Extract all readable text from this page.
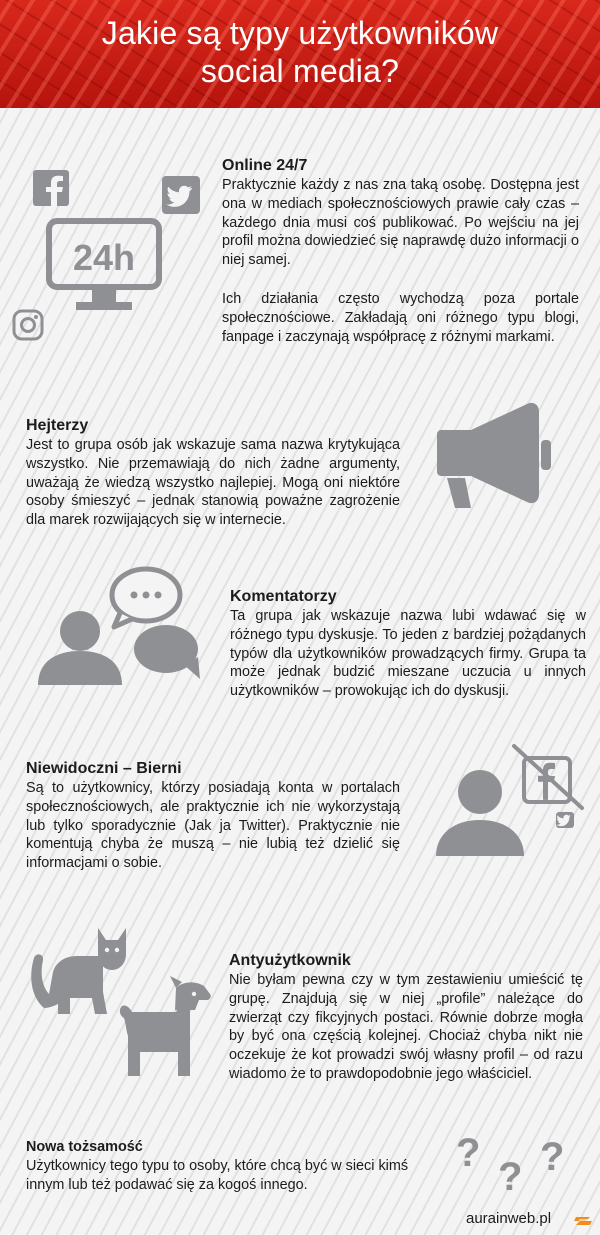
Jakie są typy użytkowników
social media?
24h
Online 24/7

Praktycznie każdy z nas zna taką osobę. Dostępna jest ona w mediach społecznościowych prawie cały czas – każdego dnia musi coś publikować. Po wejściu na jej profil można dowiedzieć się naprawdę dużo informacji o niej samej.

Ich działania często wychodzą poza portale społecznościowe. Zakładają oni różnego typu blogi, fanpage i zaczynają współpracę z różnymi markami.

Hejterzy

Jest to grupa osób jak wskazuje sama nazwa krytykująca wszystko. Nie przemawiają do nich żadne argumenty, uważają że wiedzą wszystko najlepiej. Mogą oni niektóre osoby śmieszyć – jednak stanowią poważne zagrożenie dla marek rozwijających się w internecie.

Komentatorzy

Ta grupa jak wskazuje nazwa lubi wdawać się w różnego typu dyskusje. To jeden z bardziej pożądanych typów dla użytkowników prowadzących firmy. Grupa ta może jednak budzić mieszane uczucia u innych użytkowników – prowokując ich do dyskusji.

Niewidoczni – Bierni

Są to użytkownicy, którzy posiadają konta w portalach społecznościowych, ale praktycznie ich nie wykorzystają lub tylko sporadycznie (Jak ja Twitter). Praktycznie nie komentują chyba że muszą – nie lubią też dzielić się informacjami o sobie.

Antyużytkownik

Nie byłam pewna czy w tym zestawieniu umieścić tę grupę. Znajdują się w niej „profile” należące do zwierząt czy fikcyjnych postaci. Równie dobrze mogła by być ona częścią kolejnej. Chociaż chyba nikt nie oczekuje że kot prowadzi swój własny profil – od razu wiadomo że to prawdopodobnie jego właściciel.

Nowa tożsamość

Użytkownicy tego typu to osoby, które chcą być w sieci kimś innym lub też podawać się za kogoś innego.

?
? ?
aurainweb.pl
